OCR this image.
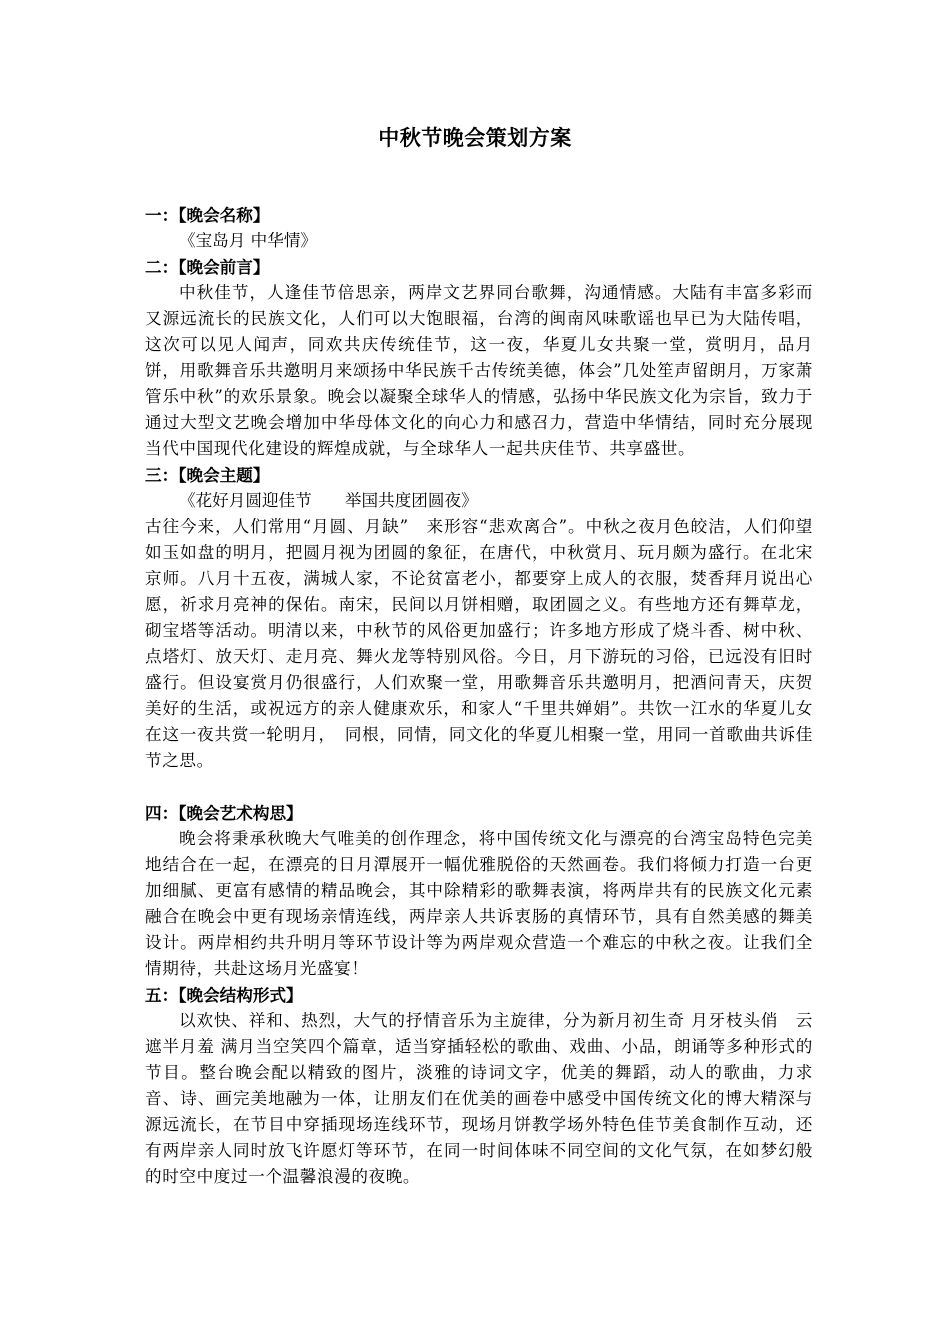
中秋节晚会策划方案
一：【晚会名称】
《宝岛月 中华情》
二：【晚会前言】
中秋佳节，人逢佳节倍思亲，两岸文艺界同台歌舞，沟通情感。大陆有丰富多彩而又源远流长的民族文化，人们可以大饱眼福，台湾的闽南风味歌谣也早已为大陆传唱，这次可以见人闻声，同欢共庆传统佳节，这一夜，华夏儿女共聚一堂，赏明月，品月饼，用歌舞音乐共邀明月来颂扬中华民族千古传统美德，体会”几处笙声留朗月，万家萧管乐中秋”的欢乐景象。晚会以凝聚全球华人的情感，弘扬中华民族文化为宗旨，致力于通过大型文艺晚会增加中华母体文化的向心力和感召力，营造中华情结，同时充分展现当代中国现代化建设的辉煌成就，与全球华人一起共庆佳节、共享盛世。
三：【晚会主题】
《花好月圆迎佳节　　举国共度团圆夜》
古往今来，人们常用“月圆、月缺”　来形容“悲欢离合”。中秋之夜月色皎洁，人们仰望如玉如盘的明月，把圆月视为团圆的象征，在唐代，中秋赏月、玩月颇为盛行。在北宋京师。八月十五夜，满城人家，不论贫富老小，都要穿上成人的衣服，焚香拜月说出心愿，祈求月亮神的保佑。南宋，民间以月饼相赠，取团圆之义。有些地方还有舞草龙，砌宝塔等活动。明清以来，中秋节的风俗更加盛行；许多地方形成了烧斗香、树中秋、点塔灯、放天灯、走月亮、舞火龙等特别风俗。今日，月下游玩的习俗，已远没有旧时盛行。但设宴赏月仍很盛行，人们欢聚一堂，用歌舞音乐共邀明月，把酒问青天，庆贺美好的生活，或祝远方的亲人健康欢乐，和家人“千里共婵娟”。共饮一江水的华夏儿女在这一夜共赏一轮明月，　同根，同情，同文化的华夏儿相聚一堂，用同一首歌曲共诉佳节之思。
四：【晚会艺术构思】
晚会将秉承秋晚大气唯美的创作理念，将中国传统文化与漂亮的台湾宝岛特色完美地结合在一起，在漂亮的日月潭展开一幅优雅脱俗的天然画卷。我们将倾力打造一台更加细腻、更富有感情的精品晚会，其中除精彩的歌舞表演，将两岸共有的民族文化元素融合在晚会中更有现场亲情连线，两岸亲人共诉衷肠的真情环节，具有自然美感的舞美设计。两岸相约共升明月等环节设计等为两岸观众营造一个难忘的中秋之夜。让我们全情期待，共赴这场月光盛宴！
五：【晚会结构形式】
以欢快、祥和、热烈，大气的抒情音乐为主旋律，分为新月初生奇 月牙枝头俏　云遮半月羞 满月当空笑四个篇章，适当穿插轻松的歌曲、戏曲、小品，朗诵等多种形式的节目。整台晚会配以精致的图片，淡雅的诗词文字，优美的舞蹈，动人的歌曲，力求音、诗、画完美地融为一体，让朋友们在优美的画卷中感受中国传统文化的博大精深与源远流长，在节目中穿插现场连线环节，现场月饼教学场外特色佳节美食制作互动，还有两岸亲人同时放飞许愿灯等环节，在同一时间体味不同空间的文化气氛，在如梦幻般的时空中度过一个温馨浪漫的夜晚。
